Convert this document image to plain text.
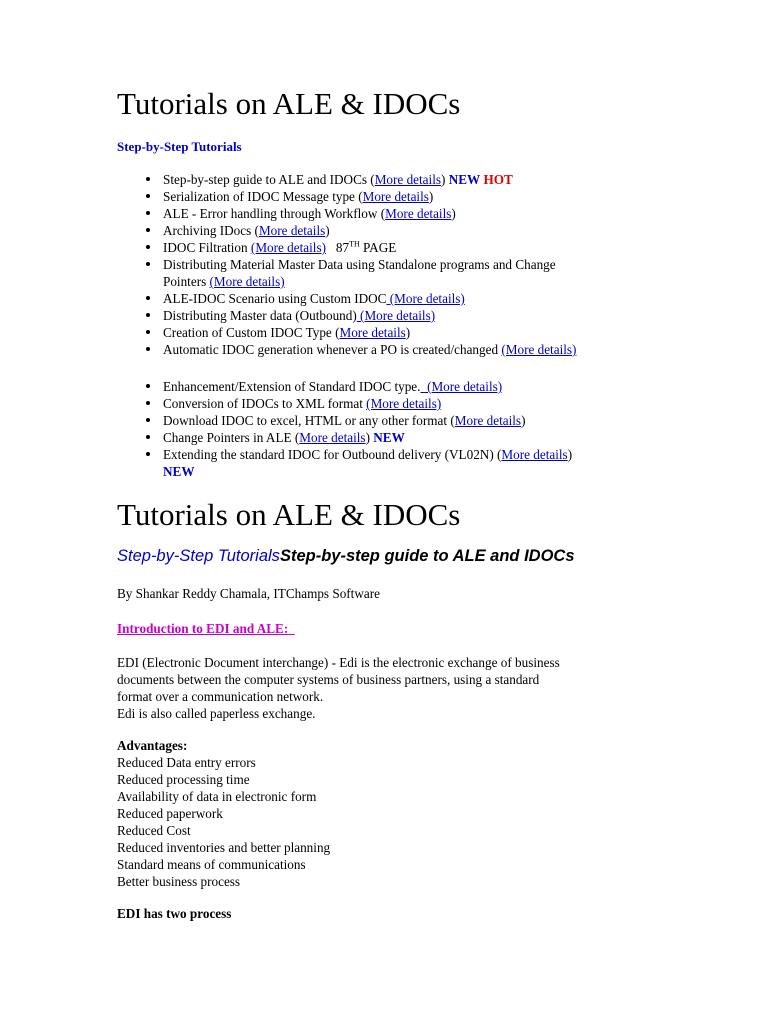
Tutorials on ALE & IDOCs
Step-by-Step Tutorials
Step-by-step guide to ALE and IDOCs (More details) NEW HOT
Serialization of IDOC Message type (More details)
ALE - Error handling through Workflow (More details)
Archiving IDocs (More details)
IDOC Filtration (More details)   87TH PAGE
Distributing Material Master Data using Standalone programs and Change
Pointers (More details)
ALE-IDOC Scenario using Custom IDOC (More details)
Distributing Master data (Outbound) (More details)
Creation of Custom IDOC Type (More details)
Automatic IDOC generation whenever a PO is created/changed (More details)
Enhancement/Extension of Standard IDOC type.  (More details)
Conversion of IDOCs to XML format (More details)
Download IDOC to excel, HTML or any other format (More details)
Change Pointers in ALE (More details) NEW
Extending the standard IDOC for Outbound delivery (VL02N) (More details)
NEW
Tutorials on ALE & IDOCs
Step-by-Step TutorialsStep-by-step guide to ALE and IDOCs
By Shankar Reddy Chamala, ITChamps Software
Introduction to EDI and ALE:
EDI (Electronic Document interchange) - Edi is the electronic exchange of business
documents between the computer systems of business partners, using a standard
format over a communication network.
Edi is also called paperless exchange.
Advantages:
Reduced Data entry errors
Reduced processing time
Availability of data in electronic form
Reduced paperwork
Reduced Cost
Reduced inventories and better planning
Standard means of communications
Better business process
EDI has two process
